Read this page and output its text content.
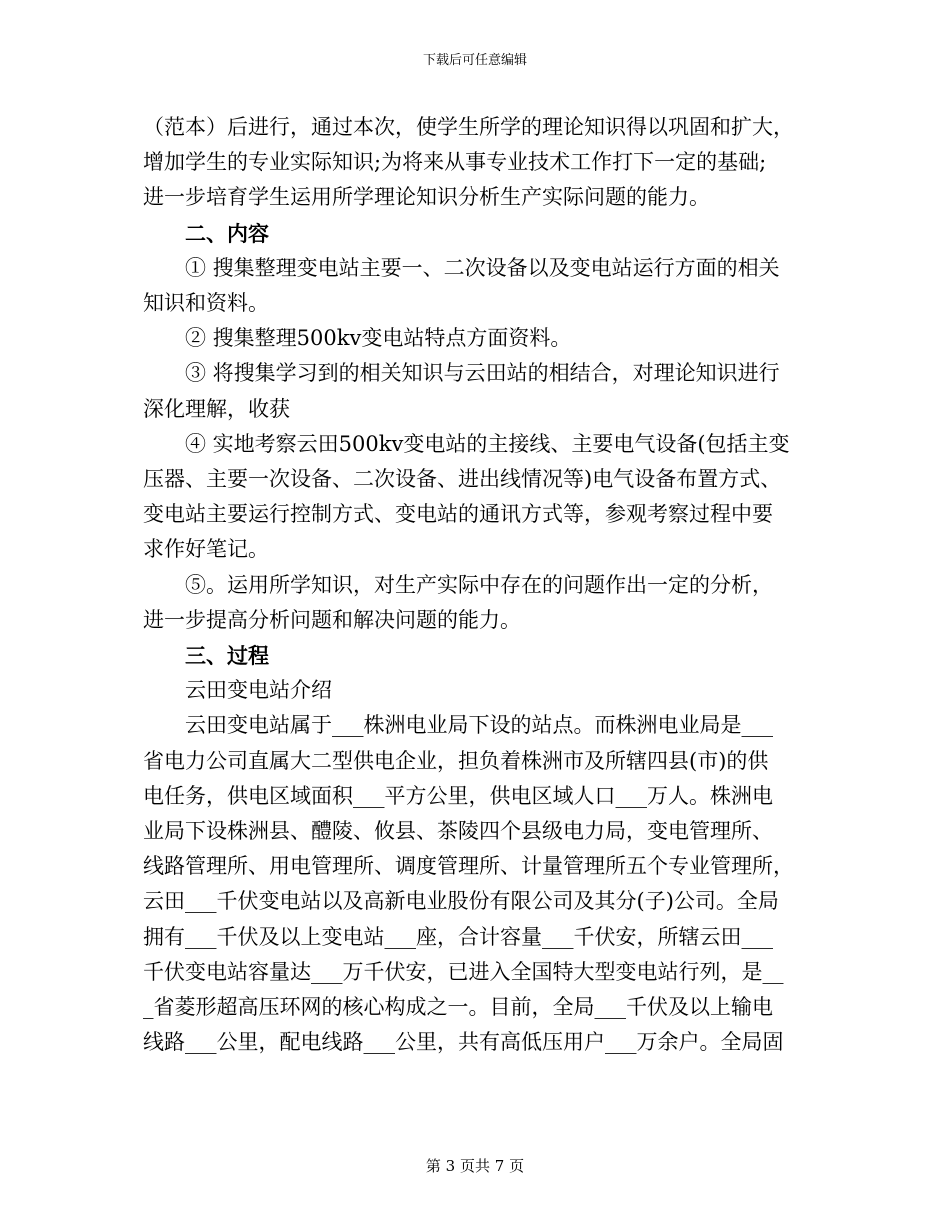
下载后可任意编辑
（范本）后进行，通过本次，使学生所学的理论知识得以巩固和扩大，
增加学生的专业实际知识;为将来从事专业技术工作打下一定的基础;
进一步培育学生运用所学理论知识分析生产实际问题的能力。
二、内容
① 搜集整理变电站主要一、二次设备以及变电站运行方面的相关
知识和资料。
② 搜集整理500kv变电站特点方面资料。
③ 将搜集学习到的相关知识与云田站的相结合，对理论知识进行
深化理解，收获
④ 实地考察云田500kv变电站的主接线、主要电气设备(包括主变
压器、主要一次设备、二次设备、进出线情况等)电气设备布置方式、
变电站主要运行控制方式、变电站的通讯方式等，参观考察过程中要
求作好笔记。
⑤。运用所学知识，对生产实际中存在的问题作出一定的分析，
进一步提高分析问题和解决问题的能力。
三、过程
云田变电站介绍
云田变电站属于___株洲电业局下设的站点。而株洲电业局是___
省电力公司直属大二型供电企业，担负着株洲市及所辖四县(市)的供
电任务，供电区域面积___平方公里，供电区域人口___万人。株洲电
业局下设株洲县、醴陵、攸县、茶陵四个县级电力局，变电管理所、
线路管理所、用电管理所、调度管理所、计量管理所五个专业管理所，
云田___千伏变电站以及高新电业股份有限公司及其分(子)公司。全局
拥有___千伏及以上变电站___座，合计容量___千伏安，所辖云田___
千伏变电站容量达___万千伏安，已进入全国特大型变电站行列，是__
_省菱形超高压环网的核心构成之一。目前，全局___千伏及以上输电
线路___公里，配电线路___公里，共有高低压用户___万余户。全局固
第 3 页共 7 页
